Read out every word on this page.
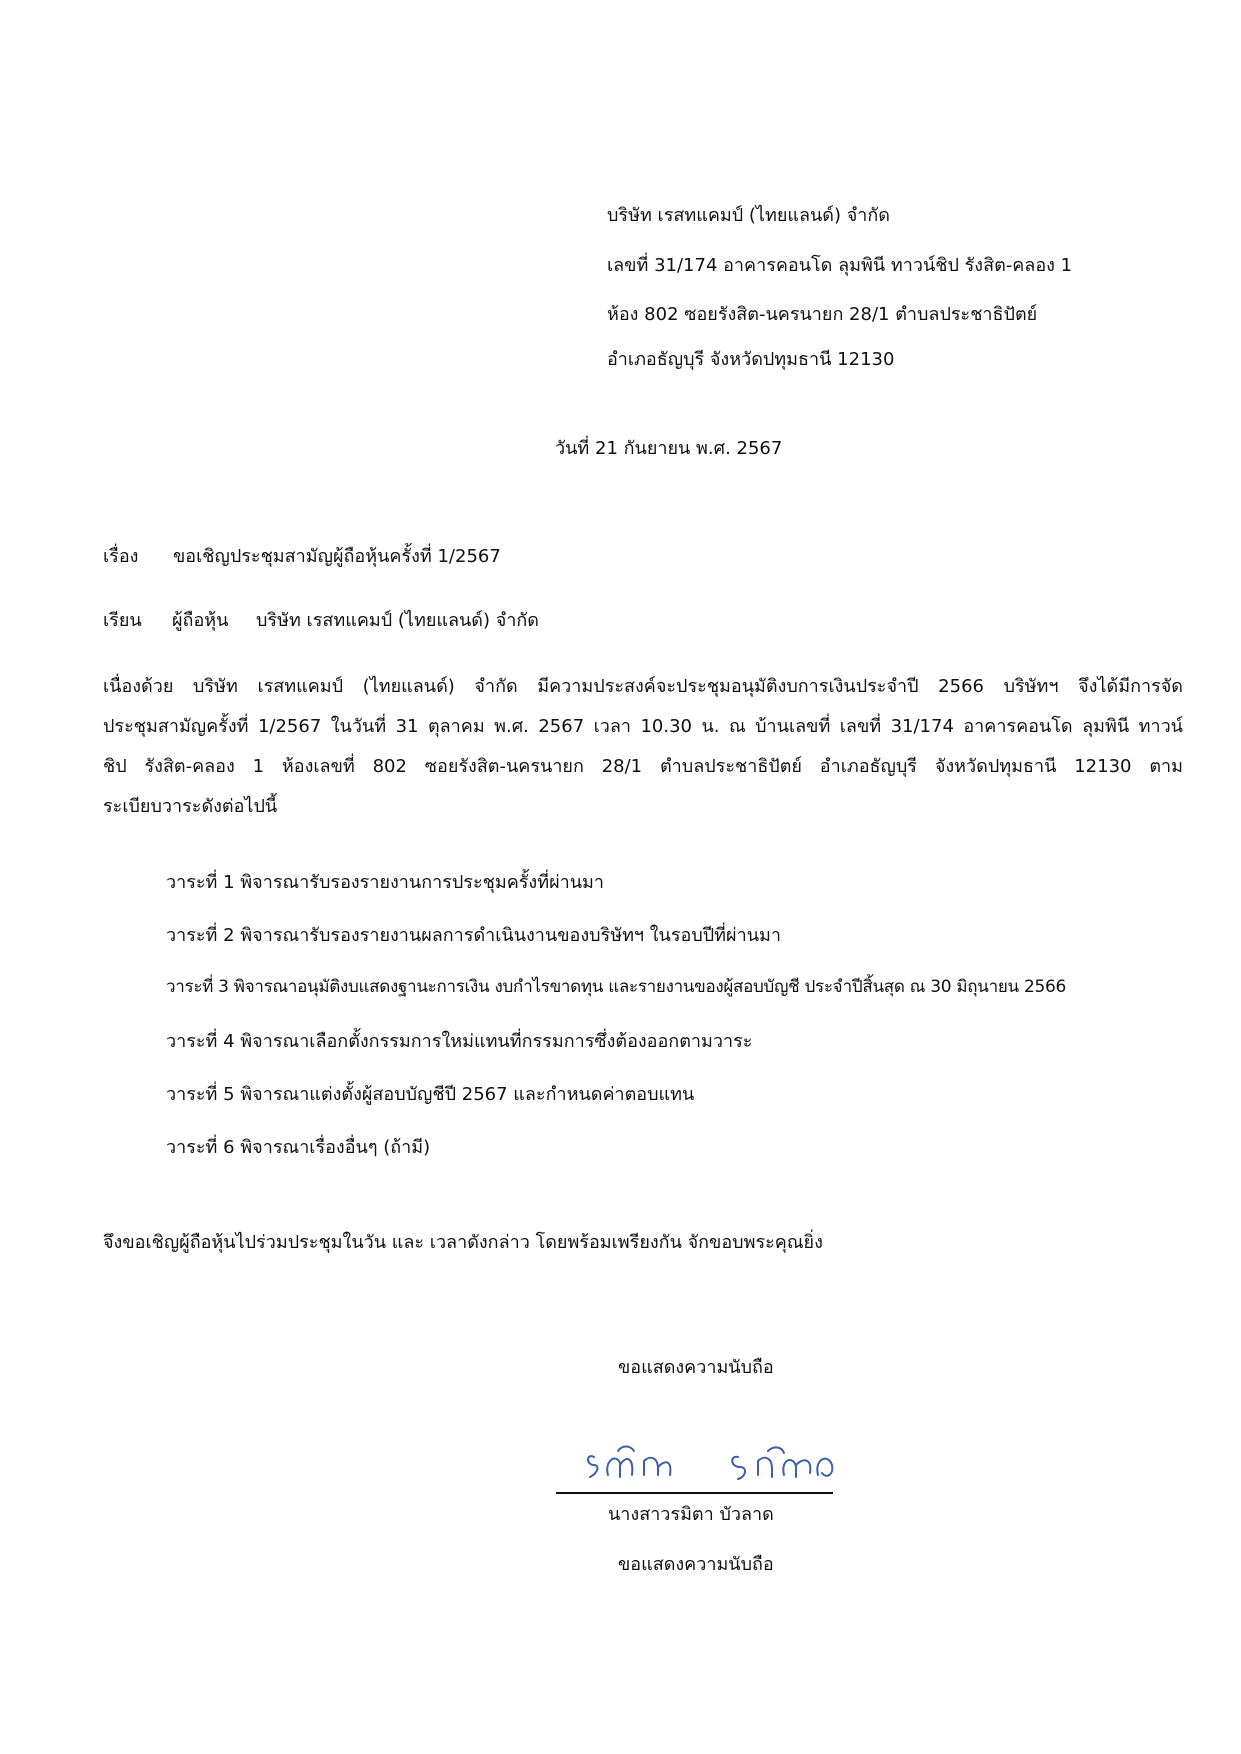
บริษัท เรสทแคมป์ (ไทยแลนด์) จำกัด
เลขที่ 31/174 อาคารคอนโด ลุมพินี ทาวน์ชิป รังสิต-คลอง 1
ห้อง 802 ซอยรังสิต-นครนายก 28/1 ตำบลประชาธิปัตย์
อำเภอธัญบุรี จังหวัดปทุมธานี 12130
วันที่ 21 กันยายน พ.ศ. 2567
เรื่อง ขอเชิญประชุมสามัญผู้ถือหุ้นครั้งที่ 1/2567
เรียน ผู้ถือหุ้น บริษัท เรสทแคมป์ (ไทยแลนด์) จำกัด
เนื่องด้วย บริษัท เรสทแคมป์ (ไทยแลนด์) จำกัด มีความประสงค์จะประชุมอนุมัติงบการเงินประจำปี 2566 บริษัทฯ จึงได้มีการจัด
ประชุมสามัญครั้งที่ 1/2567 ในวันที่ 31 ตุลาคม พ.ศ. 2567 เวลา 10.30 น. ณ บ้านเลขที่ เลขที่ 31/174 อาคารคอนโด ลุมพินี ทาวน์
ชิป รังสิต-คลอง 1 ห้องเลขที่ 802 ซอยรังสิต-นครนายก 28/1 ตำบลประชาธิปัตย์ อำเภอธัญบุรี จังหวัดปทุมธานี 12130 ตาม
ระเบียบวาระดังต่อไปนี้
วาระที่ 1 พิจารณารับรองรายงานการประชุมครั้งที่ผ่านมา
วาระที่ 2 พิจารณารับรองรายงานผลการดำเนินงานของบริษัทฯ ในรอบปีที่ผ่านมา
วาระที่ 3 พิจารณาอนุมัติงบแสดงฐานะการเงิน งบกำไรขาดทุน และรายงานของผู้สอบบัญชี ประจำปีสิ้นสุด ณ 30 มิถุนายน 2566
วาระที่ 4 พิจารณาเลือกตั้งกรรมการใหม่แทนที่กรรมการซึ่งต้องออกตามวาระ
วาระที่ 5 พิจารณาแต่งตั้งผู้สอบบัญชีปี 2567 และกำหนดค่าตอบแทน
วาระที่ 6 พิจารณาเรื่องอื่นๆ (ถ้ามี)
จึงขอเชิญผู้ถือหุ้นไปร่วมประชุมในวัน และ เวลาดังกล่าว โดยพร้อมเพรียงกัน จักขอบพระคุณยิ่ง
ขอแสดงความนับถือ
นางสาวรมิตา บัวลาด
ขอแสดงความนับถือ
